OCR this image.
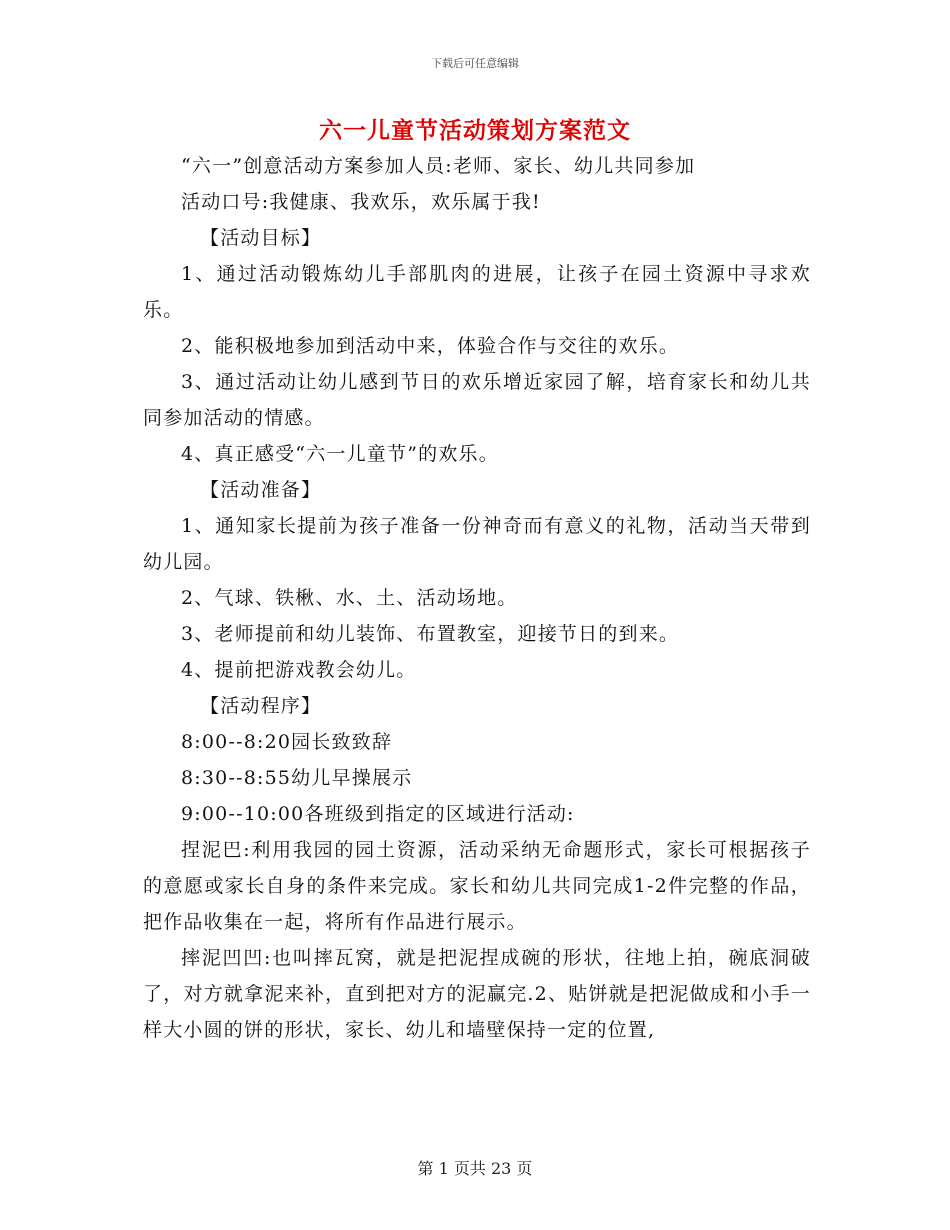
下载后可任意编辑
六一儿童节活动策划方案范文

“六一”创意活动方案参加人员:老师、家长、幼儿共同参加

活动口号:我健康、我欢乐，欢乐属于我!

【活动目标】

1、通过活动锻炼幼儿手部肌肉的进展，让孩子在园土资源中寻求欢乐。

2、能积极地参加到活动中来，体验合作与交往的欢乐。

3、通过活动让幼儿感到节日的欢乐增近家园了解，培育家长和幼儿共同参加活动的情感。

4、真正感受“六一儿童节”的欢乐。

【活动准备】

1、通知家长提前为孩子准备一份神奇而有意义的礼物，活动当天带到幼儿园。

2、气球、铁楸、水、土、活动场地。

3、老师提前和幼儿装饰、布置教室，迎接节日的到来。

4、提前把游戏教会幼儿。

【活动程序】

8:00--8:20园长致致辞

8:30--8:55幼儿早操展示

9:00--10:00各班级到指定的区域进行活动:

捏泥巴:利用我园的园土资源，活动采纳无命题形式，家长可根据孩子的意愿或家长自身的条件来完成。家长和幼儿共同完成1-2件完整的作品，把作品收集在一起，将所有作品进行展示。

摔泥凹凹:也叫摔瓦窝，就是把泥捏成碗的形状，往地上拍，碗底洞破了，对方就拿泥来补，直到把对方的泥赢完.2、贴饼就是把泥做成和小手一样大小圆的饼的形状，家长、幼儿和墙壁保持一定的位置,

第 1 页共 23 页
